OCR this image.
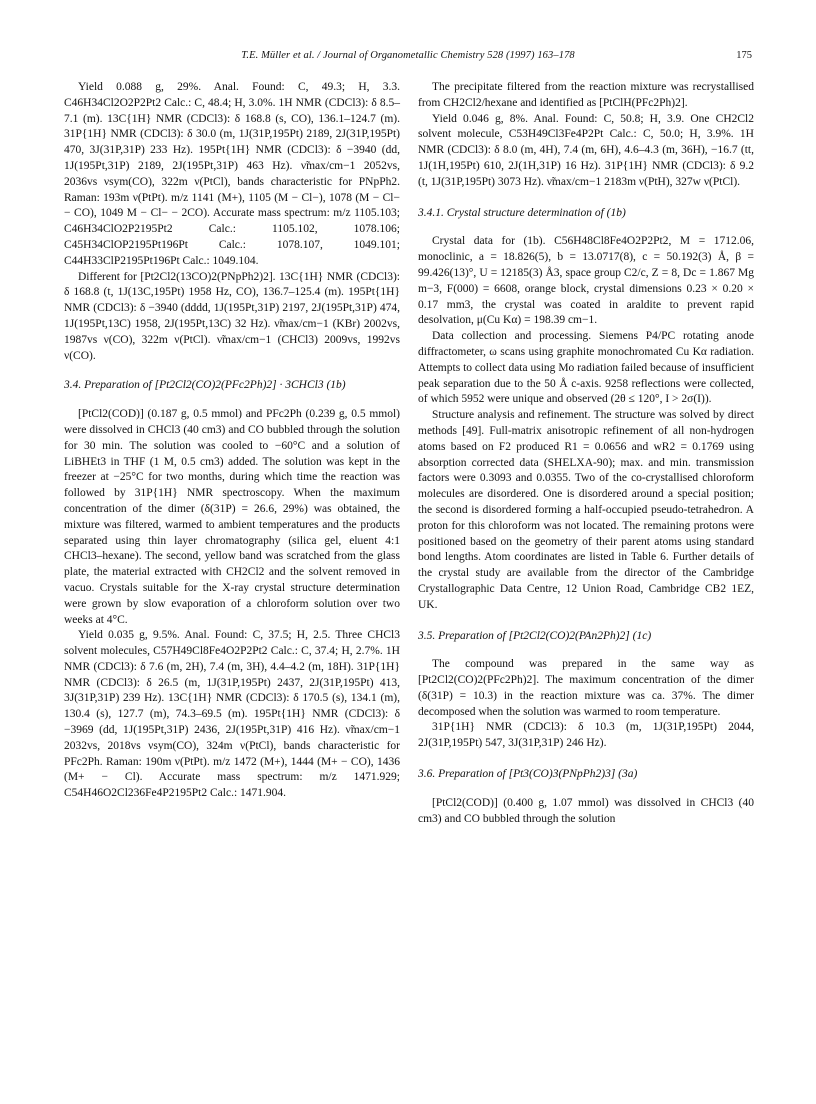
T.E. Müller et al. / Journal of Organometallic Chemistry 528 (1997) 163–178	175

Yield 0.088 g, 29%. Anal. Found: C, 49.3; H, 3.3. C46H34Cl2O2P2Pt2 Calc.: C, 48.4; H, 3.0%. 1H NMR (CDCl3): δ 8.5–7.1 (m). 13C{1H} NMR (CDCl3): δ 168.8 (s, CO), 136.1–124.7 (m). 31P{1H} NMR (CDCl3): δ 30.0 (m, 1J(31P,195Pt) 2189, 2J(31P,195Pt) 470, 3J(31P,31P) 233 Hz). 195Pt{1H} NMR (CDCl3): δ −3940 (dd, 1J(195Pt,31P) 2189, 2J(195Pt,31P) 463 Hz). ν̃max/cm−1 2052vs, 2036vs νsym(CO), 322m ν(PtCl), bands characteristic for PNpPh2. Raman: 193m ν(PtPt). m/z 1141 (M+), 1105 (M − Cl−), 1078 (M − Cl− − CO), 1049 M − Cl− − 2CO). Accurate mass spectrum: m/z 1105.103; C46H34ClO2P2195Pt2 Calc.: 1105.102, 1078.106; C45H34ClOP2195Pt196Pt Calc.: 1078.107, 1049.101; C44H33ClP2195Pt196Pt Calc.: 1049.104.

Different for [Pt2Cl2(13CO)2(PNpPh2)2]. 13C{1H} NMR (CDCl3): δ 168.8 (t, 1J(13C,195Pt) 1958 Hz, CO), 136.7–125.4 (m). 195Pt{1H} NMR (CDCl3): δ −3940 (dddd, 1J(195Pt,31P) 2197, 2J(195Pt,31P) 474, 1J(195Pt,13C) 1958, 2J(195Pt,13C) 32 Hz). ν̃max/cm−1 (KBr) 2002vs, 1987vs ν(CO), 322m ν(PtCl). ν̃max/cm−1 (CHCl3) 2009vs, 1992vs ν(CO).

3.4. Preparation of [Pt2Cl2(CO)2(PFc2Ph)2] · 3CHCl3 (1b)

[PtCl2(COD)] (0.187 g, 0.5 mmol) and PFc2Ph (0.239 g, 0.5 mmol) were dissolved in CHCl3 (40 cm3) and CO bubbled through the solution for 30 min. The solution was cooled to −60°C and a solution of LiBHEt3 in THF (1 M, 0.5 cm3) added. The solution was kept in the freezer at −25°C for two months, during which time the reaction was followed by 31P{1H} NMR spectroscopy. When the maximum concentration of the dimer (δ(31P) = 26.6, 29%) was obtained, the mixture was filtered, warmed to ambient temperatures and the products separated using thin layer chromatography (silica gel, eluent 4:1 CHCl3–hexane). The second, yellow band was scratched from the glass plate, the material extracted with CH2Cl2 and the solvent removed in vacuo. Crystals suitable for the X-ray crystal structure determination were grown by slow evaporation of a chloroform solution over two weeks at 4°C.

Yield 0.035 g, 9.5%. Anal. Found: C, 37.5; H, 2.5. Three CHCl3 solvent molecules, C57H49Cl8Fe4O2P2Pt2 Calc.: C, 37.4; H, 2.7%. 1H NMR (CDCl3): δ 7.6 (m, 2H), 7.4 (m, 3H), 4.4–4.2 (m, 18H). 31P{1H} NMR (CDCl3): δ 26.5 (m, 1J(31P,195Pt) 2437, 2J(31P,195Pt) 413, 3J(31P,31P) 239 Hz). 13C{1H} NMR (CDCl3): δ 170.5 (s), 134.1 (m), 130.4 (s), 127.7 (m), 74.3–69.5 (m). 195Pt{1H} NMR (CDCl3): δ −3969 (dd, 1J(195Pt,31P) 2436, 2J(195Pt,31P) 416 Hz). ν̃max/cm−1 2032vs, 2018vs νsym(CO), 324m ν(PtCl), bands characteristic for PFc2Ph. Raman: 190m ν(PtPt). m/z 1472 (M+), 1444 (M+ − CO), 1436 (M+ − Cl). Accurate mass spectrum: m/z 1471.929; C54H46O2Cl236Fe4P2195Pt2 Calc.: 1471.904.

The precipitate filtered from the reaction mixture was recrystallised from CH2Cl2/hexane and identified as [PtClH(PFc2Ph)2].

Yield 0.046 g, 8%. Anal. Found: C, 50.8; H, 3.9. One CH2Cl2 solvent molecule, C53H49Cl3Fe4P2Pt Calc.: C, 50.0; H, 3.9%. 1H NMR (CDCl3): δ 8.0 (m, 4H), 7.4 (m, 6H), 4.6–4.3 (m, 36H), −16.7 (tt, 1J(1H,195Pt) 610, 2J(1H,31P) 16 Hz). 31P{1H} NMR (CDCl3): δ 9.2 (t, 1J(31P,195Pt) 3073 Hz). ν̃max/cm−1 2183m ν(PtH), 327w ν(PtCl).

3.4.1. Crystal structure determination of (1b)

Crystal data for (1b). C56H48Cl8Fe4O2P2Pt2, M = 1712.06, monoclinic, a = 18.826(5), b = 13.0717(8), c = 50.192(3) Å, β = 99.426(13)°, U = 12185(3) Å3, space group C2/c, Z = 8, Dc = 1.867 Mg m−3, F(000) = 6608, orange block, crystal dimensions 0.23 × 0.20 × 0.17 mm3, the crystal was coated in araldite to prevent rapid desolvation, μ(Cu Kα) = 198.39 cm−1.

Data collection and processing. Siemens P4/PC rotating anode diffractometer, ω scans using graphite monochromated Cu Kα radiation. Attempts to collect data using Mo radiation failed because of insufficient peak separation due to the 50 Å c-axis. 9258 reflections were collected, of which 5952 were unique and observed (2θ ≤ 120°, I > 2σ(I)).

Structure analysis and refinement. The structure was solved by direct methods [49]. Full-matrix anisotropic refinement of all non-hydrogen atoms based on F2 produced R1 = 0.0656 and wR2 = 0.1769 using absorption corrected data (SHELXA-90); max. and min. transmission factors were 0.3093 and 0.0355. Two of the co-crystallised chloroform molecules are disordered. One is disordered around a special position; the second is disordered forming a half-occupied pseudo-tetrahedron. A proton for this chloroform was not located. The remaining protons were positioned based on the geometry of their parent atoms using standard bond lengths. Atom coordinates are listed in Table 6. Further details of the crystal study are available from the director of the Cambridge Crystallographic Data Centre, 12 Union Road, Cambridge CB2 1EZ, UK.

3.5. Preparation of [Pt2Cl2(CO)2(PAn2Ph)2] (1c)

The compound was prepared in the same way as [Pt2Cl2(CO)2(PFc2Ph)2]. The maximum concentration of the dimer (δ(31P) = 10.3) in the reaction mixture was ca. 37%. The dimer decomposed when the solution was warmed to room temperature.

31P{1H} NMR (CDCl3): δ 10.3 (m, 1J(31P,195Pt) 2044, 2J(31P,195Pt) 547, 3J(31P,31P) 246 Hz).

3.6. Preparation of [Pt3(CO)3(PNpPh2)3] (3a)

[PtCl2(COD)] (0.400 g, 1.07 mmol) was dissolved in CHCl3 (40 cm3) and CO bubbled through the solution
